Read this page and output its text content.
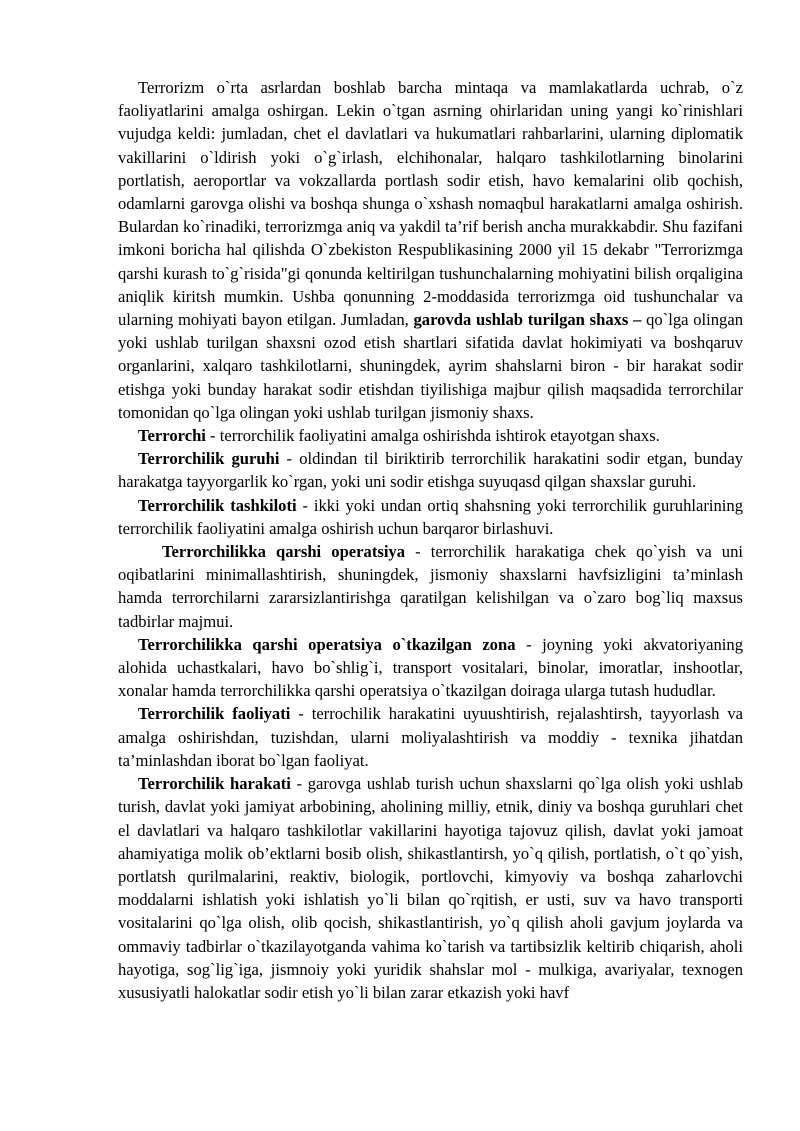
Terrorizm o`rta asrlardan boshlab barcha mintaqa va mamlakatlarda uchrab, o`z faoliyatlarini amalga oshirgan. Lekin o`tgan asrning ohirlaridan uning yangi ko`rinishlari vujudga keldi: jumladan, chet el davlatlari va hukumatlari rahbarlarini, ularning diplomatik vakillarini o`ldirish yoki o`g`irlash, elchihonalar, halqaro tashkilotlarning binolarini portlatish, aeroportlar va vokzallarda portlash sodir etish, havo kemalarini olib qochish, odamlarni garovga olishi va boshqa shunga o`xshash nomaqbul harakatlarni amalga oshirish. Bulardan ko`rinadiki, terrorizmga aniq va yakdil ta’rif berish ancha murakkabdir. Shu fazifani imkoni boricha hal qilishda O`zbekiston Respublikasining 2000 yil 15 dekabr "Terrorizmga qarshi kurash to`g`risida"gi qonunda keltirilgan tushunchalarning mohiyatini bilish orqaligina aniqlik kiritsh mumkin. Ushba qonunning 2-moddasida terrorizmga oid tushunchalar va ularning mohiyati bayon etilgan. Jumladan, garovda ushlab turilgan shaxs – qo`lga olingan yoki ushlab turilgan shaxsni ozod etish shartlari sifatida davlat hokimiyati va boshqaruv organlarini, xalqaro tashkilotlarni, shuningdek, ayrim shahslarni biron - bir harakat sodir etishga yoki bunday harakat sodir etishdan tiyilishiga majbur qilish maqsadida terrorchilar tomonidan qo`lga olingan yoki ushlab turilgan jismoniy shaxs.

Terrorchi - terrorchilik faoliyatini amalga oshirishda ishtirok etayotgan shaxs.

Terrorchilik guruhi - oldindan til biriktirib terrorchilik harakatini sodir etgan, bunday harakatga tayyorgarlik ko`rgan, yoki uni sodir etishga suyuqasd qilgan shaxslar guruhi.

Terrorchilik tashkiloti - ikki yoki undan ortiq shahsning yoki terrorchilik guruhlarining terrorchilik faoliyatini amalga oshirish uchun barqaror birlashuvi.

Terrorchilikka qarshi operatsiya - terrorchilik harakatiga chek qo`yish va uni oqibatlarini minimallashtirish, shuningdek, jismoniy shaxslarni havfsizligini ta’minlash hamda terrorchilarni zararsizlantirishga qaratilgan kelishilgan va o`zaro bog`liq maxsus tadbirlar majmui.

Terrorchilikka qarshi operatsiya o`tkazilgan zona - joyning yoki akvatoriyaning alohida uchastkalari, havo bo`shlig`i, transport vositalari, binolar, imoratlar, inshootlar, xonalar hamda terrorchilikka qarshi operatsiya o`tkazilgan doiraga ularga tutash hududlar.

Terrorchilik faoliyati - terrochilik harakatini uyuushtirish, rejalashtirsh, tayyorlash va amalga oshirishdan, tuzishdan, ularni moliyalashtirish va moddiy - texnika jihatdan ta’minlashdan iborat bo`lgan faoliyat.

Terrorchilik harakati - garovga ushlab turish uchun shaxslarni qo`lga olish yoki ushlab turish, davlat yoki jamiyat arbobining, aholining milliy, etnik, diniy va boshqa guruhlari chet el davlatlari va halqaro tashkilotlar vakillarini hayotiga tajovuz qilish, davlat yoki jamoat ahamiyatiga molik ob’ektlarni bosib olish, shikastlantirsh, yo`q qilish, portlatish, o`t qo`yish, portlatsh qurilmalarini, reaktiv, biologik, portlovchi, kimyoviy va boshqa zaharlovchi moddalarni ishlatish yoki ishlatish yo`li bilan qo`rqitish, er usti, suv va havo transporti vositalarini qo`lga olish, olib qocish, shikastlantirish, yo`q qilish aholi gavjum joylarda va ommaviy tadbirlar o`tkazilayotganda vahima ko`tarish va tartibsizlik keltirib chiqarish, aholi hayotiga, sog`lig`iga, jismnoiy yoki yuridik shahslar mol - mulkiga, avariyalar, texnogen xususiyatli halokatlar sodir etish yo`li bilan zarar etkazish yoki havf
